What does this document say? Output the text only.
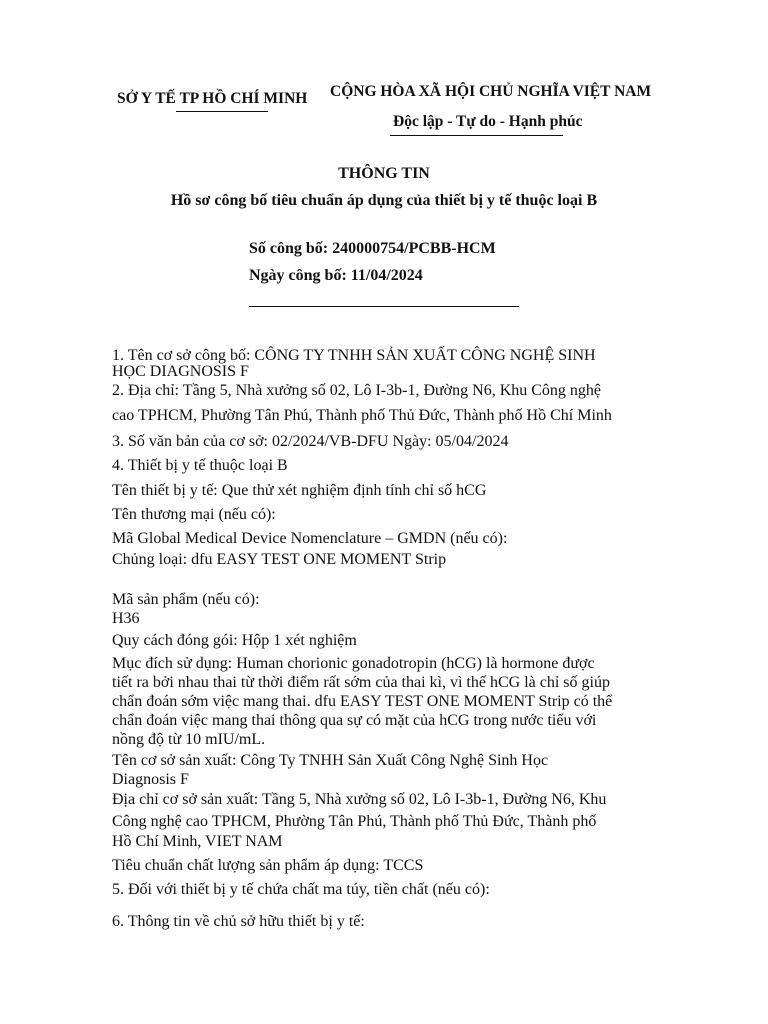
SỞ Y TẾ TP HỒ CHÍ MINH CỘNG HÒA XÃ HỘI CHỦ NGHĨA VIỆT NAM
Độc lập - Tự do - Hạnh phúc
THÔNG TIN
Hồ sơ công bố tiêu chuẩn áp dụng của thiết bị y tế thuộc loại B
Số công bố: 240000754/PCBB-HCM
Ngày công bố: 11/04/2024
1. Tên cơ sở công bố: CÔNG TY TNHH SẢN XUẤT CÔNG NGHỆ SINH
HỌC DIAGNOSIS F
2. Địa chỉ: Tầng 5, Nhà xưởng số 02, Lô I-3b-1, Đường N6, Khu Công nghệ
cao TPHCM, Phường Tân Phú, Thành phố Thủ Đức, Thành phố Hồ Chí Minh
3. Số văn bản của cơ sở: 02/2024/VB-DFU Ngày: 05/04/2024
4. Thiết bị y tế thuộc loại B
Tên thiết bị y tế: Que thử xét nghiệm định tính chỉ số hCG
Tên thương mại (nếu có):
Mã Global Medical Device Nomenclature – GMDN (nếu có):
Chủng loại: dfu EASY TEST ONE MOMENT Strip
Mã sản phẩm (nếu có):
H36
Quy cách đóng gói: Hộp 1 xét nghiệm
Mục đích sử dụng: Human chorionic gonadotropin (hCG) là hormone được
tiết ra bởi nhau thai từ thời điểm rất sớm của thai kì, vì thế hCG là chỉ số giúp
chẩn đoán sớm việc mang thai. dfu EASY TEST ONE MOMENT Strip có thể
chẩn đoán việc mang thai thông qua sự có mặt của hCG trong nước tiểu với
nồng độ từ 10 mIU/mL.
Tên cơ sở sản xuất: Công Ty TNHH Sản Xuất Công Nghệ Sinh Học
Diagnosis F
Địa chỉ cơ sở sản xuất: Tầng 5, Nhà xưởng số 02, Lô I-3b-1, Đường N6, Khu
Công nghệ cao TPHCM, Phường Tân Phú, Thành phố Thủ Đức, Thành phố
Hồ Chí Minh, VIET NAM
Tiêu chuẩn chất lượng sản phẩm áp dụng: TCCS
5. Đối với thiết bị y tế chứa chất ma túy, tiền chất (nếu có):
6. Thông tin về chủ sở hữu thiết bị y tế:
